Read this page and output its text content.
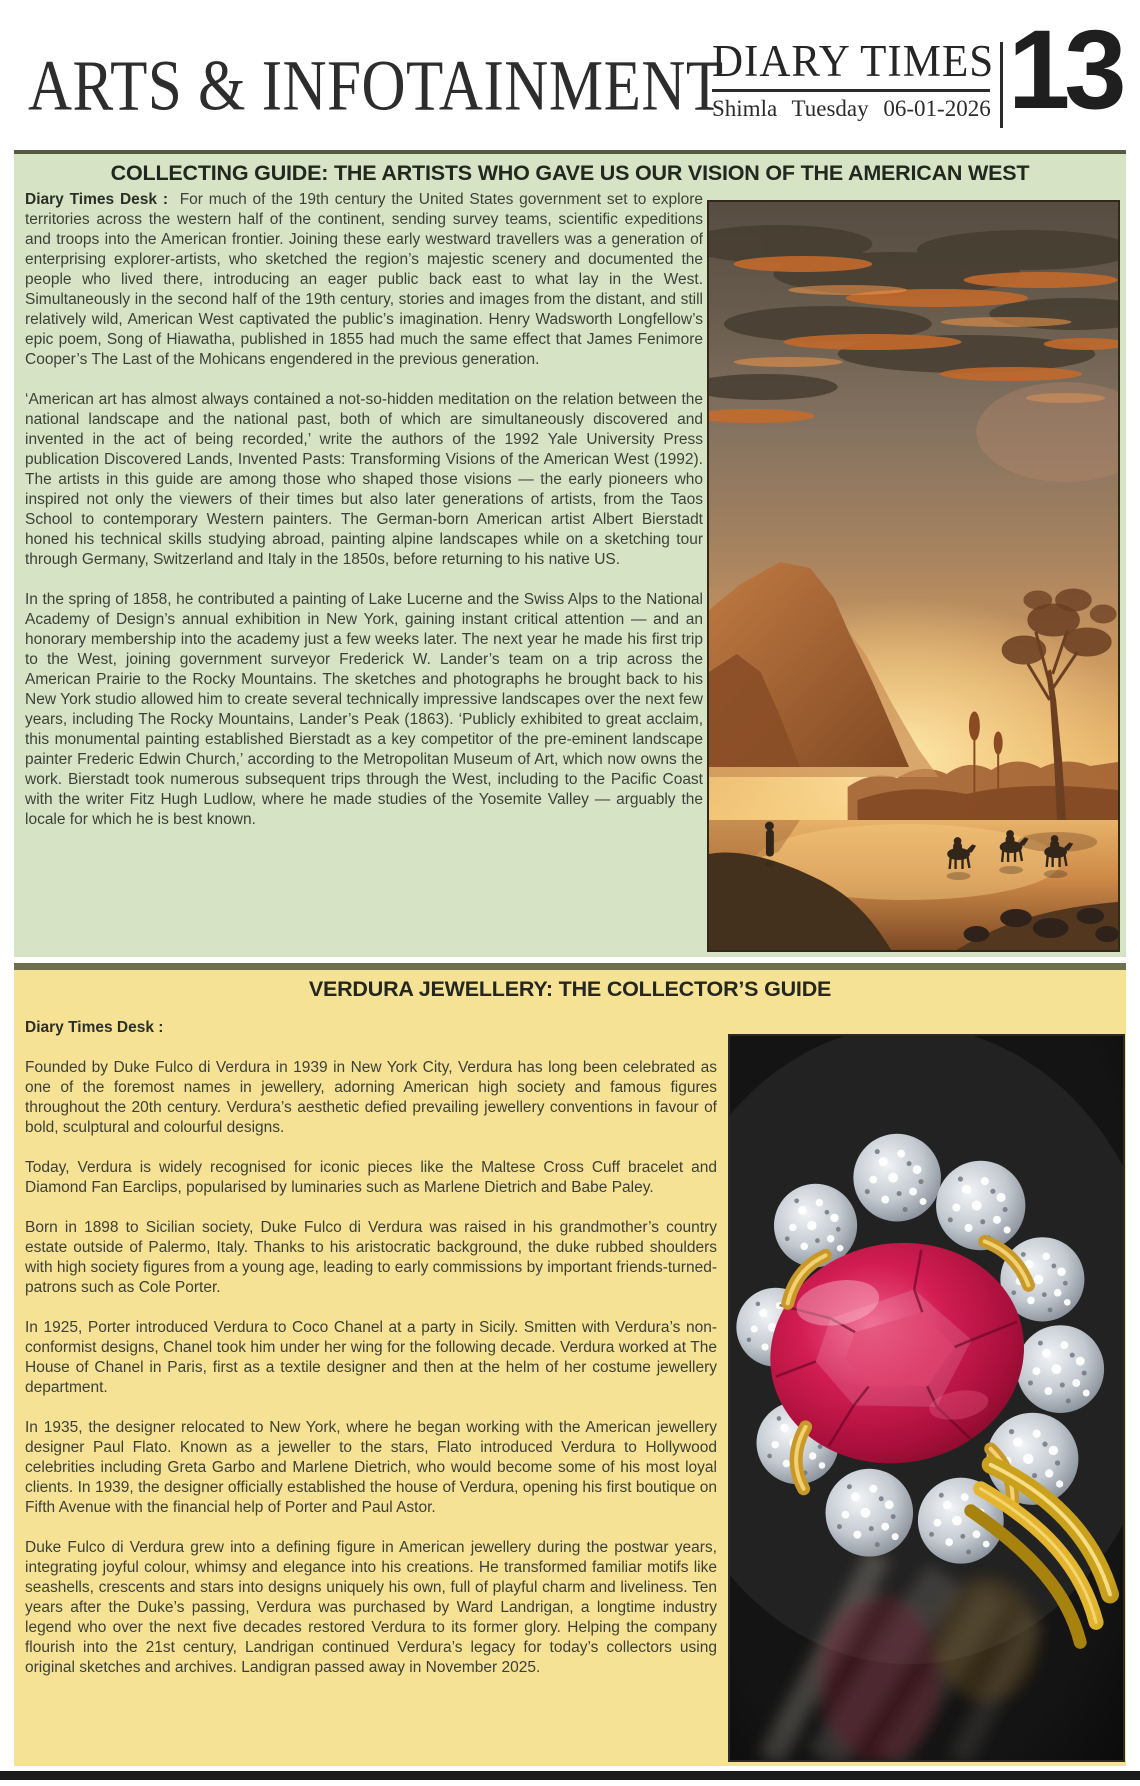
ARTS & INFOTAINMENT
DIARY TIMES
Shimla Tuesday 06-01-2026 13
COLLECTING GUIDE: THE ARTISTS WHO GAVE US OUR VISION OF THE AMERICAN WEST

Diary Times Desk : For much of the 19th century the United States government set to explore territories across the western half of the continent, sending survey teams, scientific expeditions and troops into the American frontier. Joining these early westward travellers was a generation of enterprising explorer-artists, who sketched the region’s majestic scenery and documented the people who lived there, introducing an eager public back east to what lay in the West. Simultaneously in the second half of the 19th century, stories and images from the distant, and still relatively wild, American West captivated the public’s imagination. Henry Wadsworth Longfellow’s epic poem, Song of Hiawatha, published in 1855 had much the same effect that James Fenimore Cooper’s The Last of the Mohicans engendered in the previous generation.

‘American art has almost always contained a not-so-hidden meditation on the relation between the national landscape and the national past, both of which are simultaneously discovered and invented in the act of being recorded,’ write the authors of the 1992 Yale University Press publication Discovered Lands, Invented Pasts: Transforming Visions of the American West (1992). The artists in this guide are among those who shaped those visions — the early pioneers who inspired not only the viewers of their times but also later generations of artists, from the Taos School to contemporary Western painters. The German-born American artist Albert Bierstadt honed his technical skills studying abroad, painting alpine landscapes while on a sketching tour through Germany, Switzerland and Italy in the 1850s, before returning to his native US.

In the spring of 1858, he contributed a painting of Lake Lucerne and the Swiss Alps to the National Academy of Design’s annual exhibition in New York, gaining instant critical attention — and an honorary membership into the academy just a few weeks later. The next year he made his first trip to the West, joining government surveyor Frederick W. Lander’s team on a trip across the American Prairie to the Rocky Mountains. The sketches and photographs he brought back to his New York studio allowed him to create several technically impressive landscapes over the next few years, including The Rocky Mountains, Lander’s Peak (1863). ‘Publicly exhibited to great acclaim, this monumental painting established Bierstadt as a key competitor of the pre-eminent landscape painter Frederic Edwin Church,’ according to the Metropolitan Museum of Art, which now owns the work. Bierstadt took numerous subsequent trips through the West, including to the Pacific Coast with the writer Fitz Hugh Ludlow, where he made studies of the Yosemite Valley — arguably the locale for which he is best known.

VERDURA JEWELLERY: THE COLLECTOR’S GUIDE

Diary Times Desk :

Founded by Duke Fulco di Verdura in 1939 in New York City, Verdura has long been celebrated as one of the foremost names in jewellery, adorning American high society and famous figures throughout the 20th century. Verdura’s aesthetic defied prevailing jewellery conventions in favour of bold, sculptural and colourful designs.

Today, Verdura is widely recognised for iconic pieces like the Maltese Cross Cuff bracelet and Diamond Fan Earclips, popularised by luminaries such as Marlene Dietrich and Babe Paley.

Born in 1898 to Sicilian society, Duke Fulco di Verdura was raised in his grandmother’s country estate outside of Palermo, Italy. Thanks to his aristocratic background, the duke rubbed shoulders with high society figures from a young age, leading to early commissions by important friends-turned-patrons such as Cole Porter.

In 1925, Porter introduced Verdura to Coco Chanel at a party in Sicily. Smitten with Verdura’s non-conformist designs, Chanel took him under her wing for the following decade. Verdura worked at The House of Chanel in Paris, first as a textile designer and then at the helm of her costume jewellery department.

In 1935, the designer relocated to New York, where he began working with the American jewellery designer Paul Flato. Known as a jeweller to the stars, Flato introduced Verdura to Hollywood celebrities including Greta Garbo and Marlene Dietrich, who would become some of his most loyal clients. In 1939, the designer officially established the house of Verdura, opening his first boutique on Fifth Avenue with the financial help of Porter and Paul Astor.

Duke Fulco di Verdura grew into a defining figure in American jewellery during the postwar years, integrating joyful colour, whimsy and elegance into his creations. He transformed familiar motifs like seashells, crescents and stars into designs uniquely his own, full of playful charm and liveliness. Ten years after the Duke’s passing, Verdura was purchased by Ward Landrigan, a longtime industry legend who over the next five decades restored Verdura to its former glory. Helping the company flourish into the 21st century, Landrigan continued Verdura’s legacy for today’s collectors using original sketches and archives. Landigran passed away in November 2025.
